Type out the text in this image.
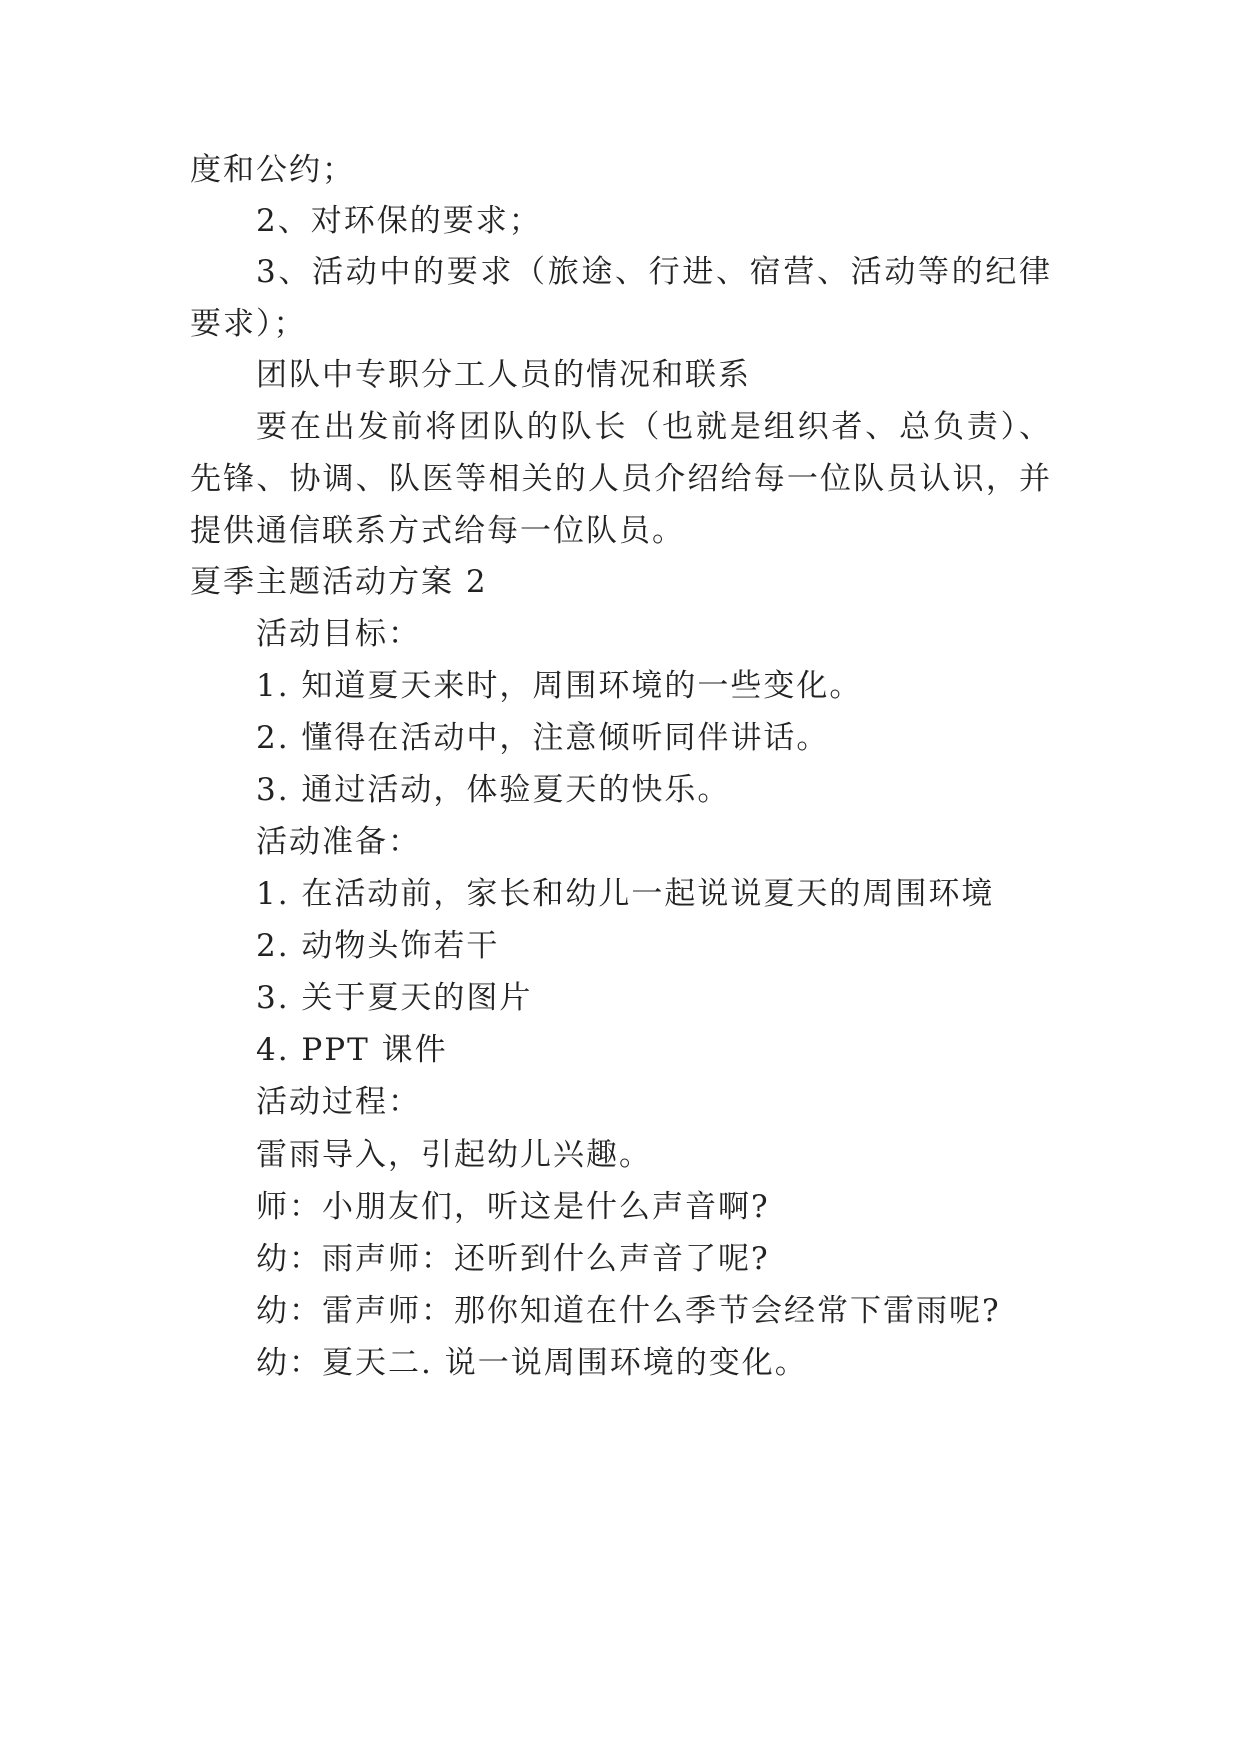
度和公约；
2、对环保的要求；
3、活动中的要求（旅途、行进、宿营、活动等的纪律
要求）；
团队中专职分工人员的情况和联系
要在出发前将团队的队长（也就是组织者、总负责）、
先锋、协调、队医等相关的人员介绍给每一位队员认识，并
提供通信联系方式给每一位队员。
夏季主题活动方案 2
活动目标：
1. 知道夏天来时，周围环境的一些变化。
2. 懂得在活动中，注意倾听同伴讲话。
3. 通过活动，体验夏天的快乐。
活动准备：
1. 在活动前，家长和幼儿一起说说夏天的周围环境
2. 动物头饰若干
3. 关于夏天的图片
4. PPT 课件
活动过程：
雷雨导入，引起幼儿兴趣。
师：小朋友们，听这是什么声音啊?
幼：雨声师：还听到什么声音了呢?
幼：雷声师：那你知道在什么季节会经常下雷雨呢?
幼：夏天二. 说一说周围环境的变化。
